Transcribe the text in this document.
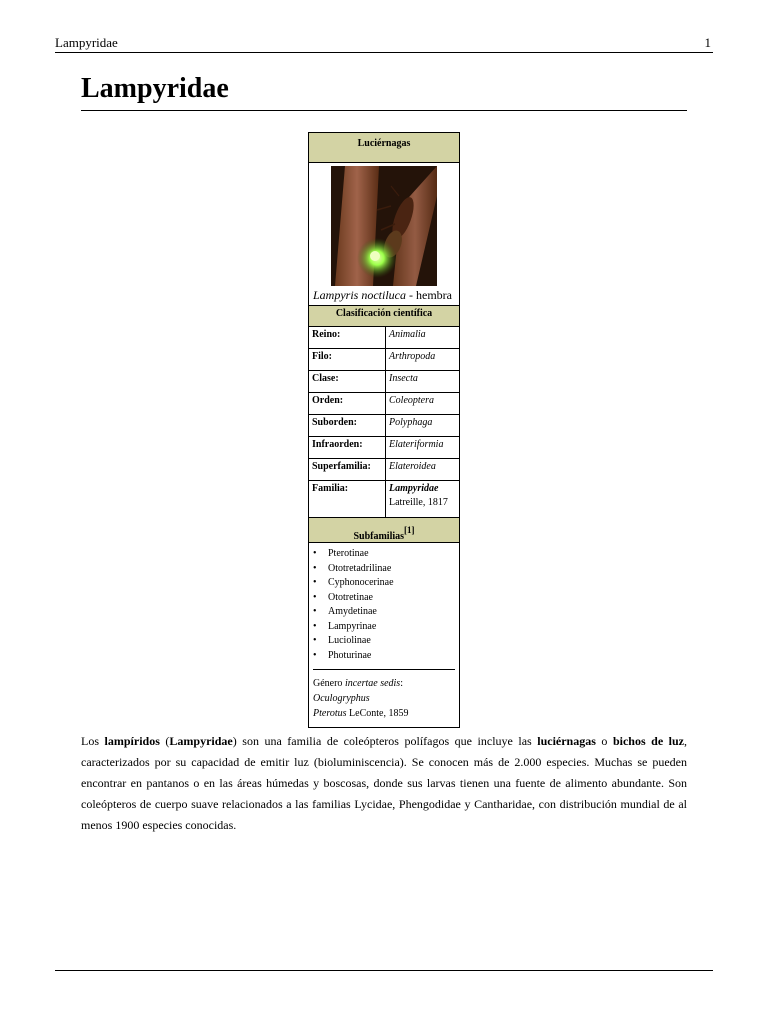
Lampyridae	1
Lampyridae
Luciérnagas
Lampyris noctiluca - hembra
Clasificación científica
Reino:	Animalia
Filo:	Arthropoda
Clase:	Insecta
Orden:	Coleoptera
Suborden:	Polyphaga
Infraorden:	Elateriformia
Superfamilia:	Elateroidea
Familia:	Lampyridae
Latreille, 1817
Subfamilias[1]
• Pterotinae
• Ototretadrilinae
• Cyphonocerinae
• Ototretinae
• Amydetinae
• Lampyrinae
• Luciolinae
• Photurinae
Género incertae sedis:
Oculogryphus
Pterotus LeConte, 1859

Los lampíridos (Lampyridae) son una familia de coleópteros polífagos que incluye las luciérnagas o bichos de luz, caracterizados por su capacidad de emitir luz (bioluminiscencia). Se conocen más de 2.000 especies. Muchas se pueden encontrar en pantanos o en las áreas húmedas y boscosas, donde sus larvas tienen una fuente de alimento abundante. Son coleópteros de cuerpo suave relacionados a las familias Lycidae, Phengodidae y Cantharidae, con distribución mundial de al menos 1900 especies conocidas.
